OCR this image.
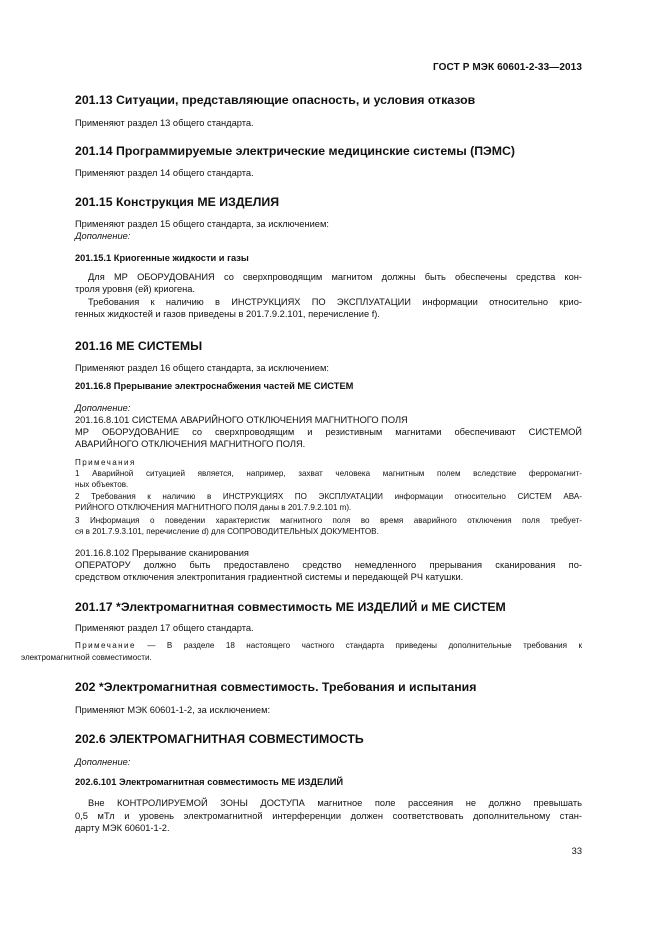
ГОСТ Р МЭК 60601-2-33—2013
201.13 Ситуации, представляющие опасность, и условия отказов
Применяют раздел 13 общего стандарта.
201.14 Программируемые электрические медицинские системы (ПЭМС)
Применяют раздел 14 общего стандарта.
201.15 Конструкция МЕ ИЗДЕЛИЯ
Применяют раздел 15 общего стандарта, за исключением:
Дополнение:
201.15.1 Криогенные жидкости и газы
Для МР ОБОРУДОВАНИЯ со сверхпроводящим магнитом должны быть обеспечены средства кон-
троля уровня (ей) криогена.
Требования к наличию в ИНСТРУКЦИЯХ ПО ЭКСПЛУАТАЦИИ информации относительно крио-
генных жидкостей и газов приведены в 201.7.9.2.101, перечисление f).
201.16 МЕ СИСТЕМЫ
Применяют раздел 16 общего стандарта, за исключением:
201.16.8 Прерывание электроснабжения частей МЕ СИСТЕМ
Дополнение:
201.16.8.101 СИСТЕМА АВАРИЙНОГО ОТКЛЮЧЕНИЯ МАГНИТНОГО ПОЛЯ
МР ОБОРУДОВАНИЕ со сверхпроводящим и резистивным магнитами обеспечивают СИСТЕМОЙ
АВАРИЙНОГО ОТКЛЮЧЕНИЯ МАГНИТНОГО ПОЛЯ.
Примечания
1 Аварийной ситуацией является, например, захват человека магнитным полем вследствие ферромагнит-
ных объектов.
2 Требования к наличию в ИНСТРУКЦИЯХ ПО ЭКСПЛУАТАЦИИ информации относительно СИСТЕМ АВА-
РИЙНОГО ОТКЛЮЧЕНИЯ МАГНИТНОГО ПОЛЯ даны в 201.7.9.2.101 m).
3 Информация о поведении характеристик магнитного поля во время аварийного отключения поля требует-
ся в 201.7.9.3.101, перечисление d) для СОПРОВОДИТЕЛЬНЫХ ДОКУМЕНТОВ.
201.16.8.102 Прерывание сканирования
ОПЕРАТОРУ должно быть предоставлено средство немедленного прерывания сканирования по-
средством отключения электропитания градиентной системы и передающей РЧ катушки.
201.17 *Электромагнитная совместимость МЕ ИЗДЕЛИЙ и МЕ СИСТЕМ
Применяют раздел 17 общего стандарта.
Примечание — В разделе 18 настоящего частного стандарта приведены дополнительные требования к
электромагнитной совместимости.
202 *Электромагнитная совместимость. Требования и испытания
Применяют МЭК 60601-1-2, за исключением:
202.6 ЭЛЕКТРОМАГНИТНАЯ СОВМЕСТИМОСТЬ
Дополнение:
202.6.101 Электромагнитная совместимость МЕ ИЗДЕЛИЙ
Вне КОНТРОЛИРУЕМОЙ ЗОНЫ ДОСТУПА магнитное поле рассеяния не должно превышать
0,5 мТл и уровень электромагнитной интерференции должен соответствовать дополнительному стан-
дарту МЭК 60601-1-2.
33
